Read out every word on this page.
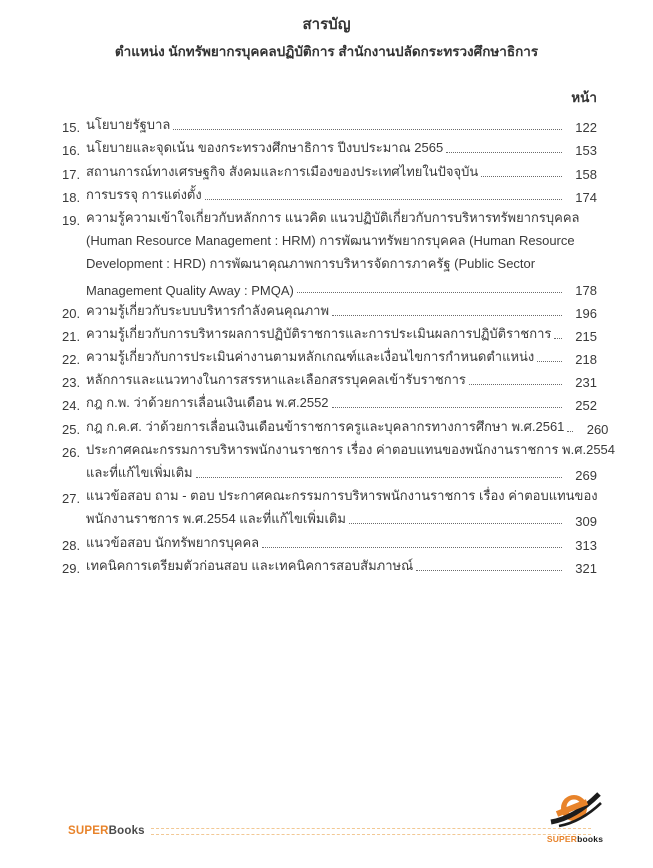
สารบัญ
ตำแหน่ง นักทรัพยากรบุคคลปฏิบัติการ สำนักงานปลัดกระทรวงศึกษาธิการ
หน้า
15. นโยบายรัฐบาล	122
16. นโยบายและจุดเน้น ของกระทรวงศึกษาธิการ ปีงบประมาณ 2565	153
17. สถานการณ์ทางเศรษฐกิจ สังคมและการเมืองของประเทศไทยในปัจจุบัน	158
18. การบรรจุ การแต่งตั้ง	174
19. ความรู้ความเข้าใจเกี่ยวกับหลักการ แนวคิด แนวปฏิบัติเกี่ยวกับการบริหารทรัพยากรบุคคล
(Human Resource Management : HRM) การพัฒนาทรัพยากรบุคคล (Human Resource
Development : HRD) การพัฒนาคุณภาพการบริหารจัดการภาครัฐ (Public Sector
Management Quality Away : PMQA)	178
20. ความรู้เกี่ยวกับระบบบริหารกำลังคนคุณภาพ	196
21. ความรู้เกี่ยวกับการบริหารผลการปฏิบัติราชการและการประเมินผลการปฏิบัติราชการ	215
22. ความรู้เกี่ยวกับการประเมินค่างานตามหลักเกณฑ์และเงื่อนไขการกำหนดตำแหน่ง	218
23. หลักการและแนวทางในการสรรหาและเลือกสรรบุคคลเข้ารับราชการ	231
24. กฎ ก.พ. ว่าด้วยการเลื่อนเงินเดือน พ.ศ.2552	252
25. กฎ ก.ค.ศ. ว่าด้วยการเลื่อนเงินเดือนข้าราชการครูและบุคลากรทางการศึกษา พ.ศ.2561	260
26. ประกาศคณะกรรมการบริหารพนักงานราชการ เรื่อง ค่าตอบแทนของพนักงานราชการ พ.ศ.2554
และที่แก้ไขเพิ่มเติม	269
27. แนวข้อสอบ ถาม - ตอบ ประกาศคณะกรรมการบริหารพนักงานราชการ เรื่อง ค่าตอบแทนของ
พนักงานราชการ พ.ศ.2554 และที่แก้ไขเพิ่มเติม	309
28. แนวข้อสอบ นักทรัพยากรบุคคล	313
29. เทคนิคการเตรียมตัวก่อนสอบ และเทคนิคการสอบสัมภาษณ์	321
SUPERBooks
SUPERbooks
